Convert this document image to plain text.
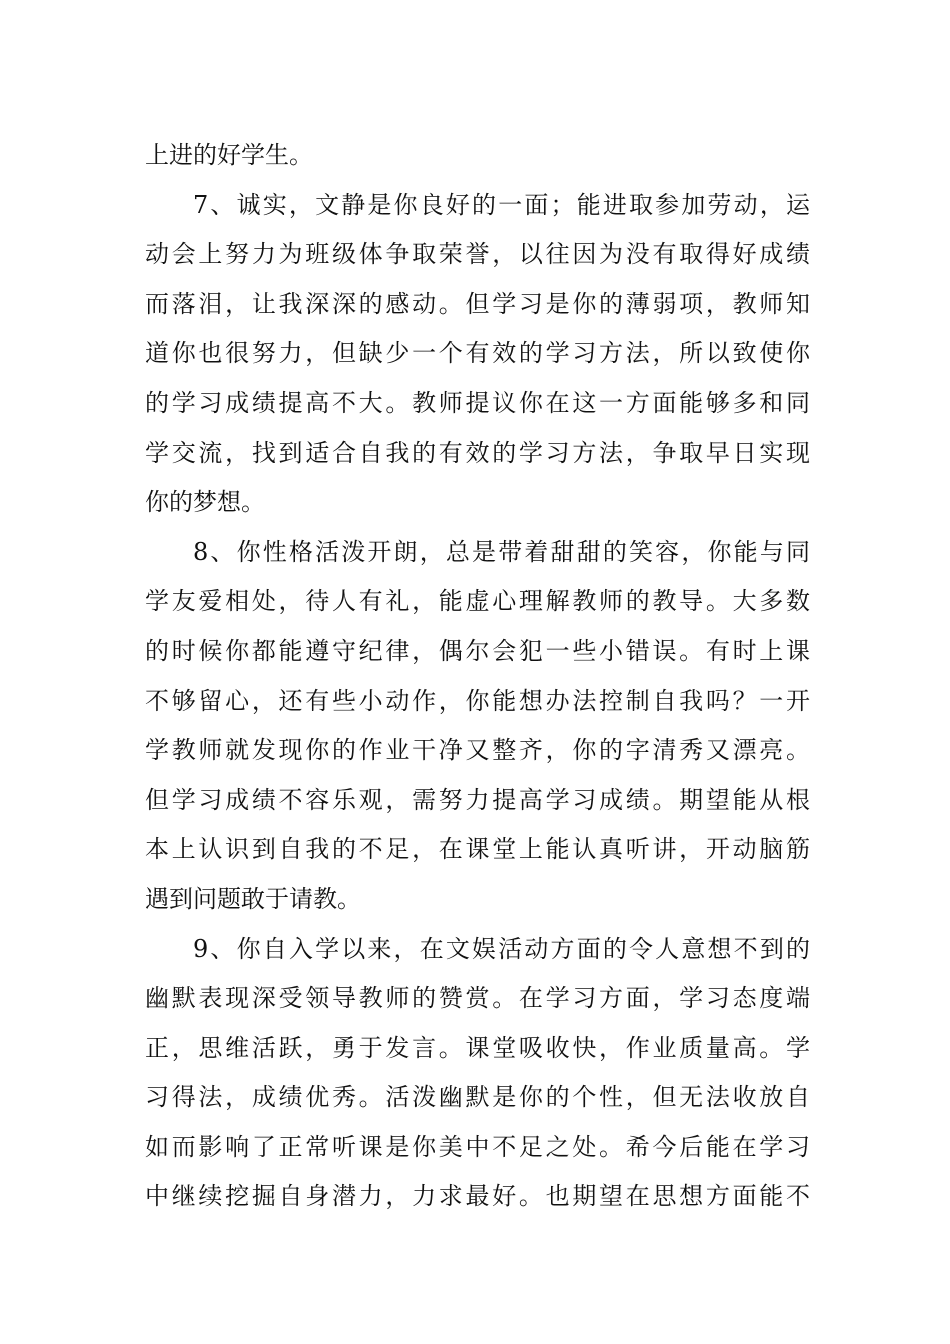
上进的好学生。
7、诚实，文静是你良好的一面；能进取参加劳动，运
动会上努力为班级体争取荣誉，以往因为没有取得好成绩
而落泪，让我深深的感动。但学习是你的薄弱项，教师知
道你也很努力，但缺少一个有效的学习方法，所以致使你
的学习成绩提高不大。教师提议你在这一方面能够多和同
学交流，找到适合自我的有效的学习方法，争取早日实现
你的梦想。
8、你性格活泼开朗，总是带着甜甜的笑容，你能与同
学友爱相处，待人有礼，能虚心理解教师的教导。大多数
的时候你都能遵守纪律，偶尔会犯一些小错误。有时上课
不够留心，还有些小动作，你能想办法控制自我吗？一开
学教师就发现你的作业干净又整齐，你的字清秀又漂亮。
但学习成绩不容乐观，需努力提高学习成绩。期望能从根
本上认识到自我的不足，在课堂上能认真听讲，开动脑筋
遇到问题敢于请教。
9、你自入学以来，在文娱活动方面的令人意想不到的
幽默表现深受领导教师的赞赏。在学习方面，学习态度端
正，思维活跃，勇于发言。课堂吸收快，作业质量高。学
习得法，成绩优秀。活泼幽默是你的个性，但无法收放自
如而影响了正常听课是你美中不足之处。希今后能在学习
中继续挖掘自身潜力，力求最好。也期望在思想方面能不
